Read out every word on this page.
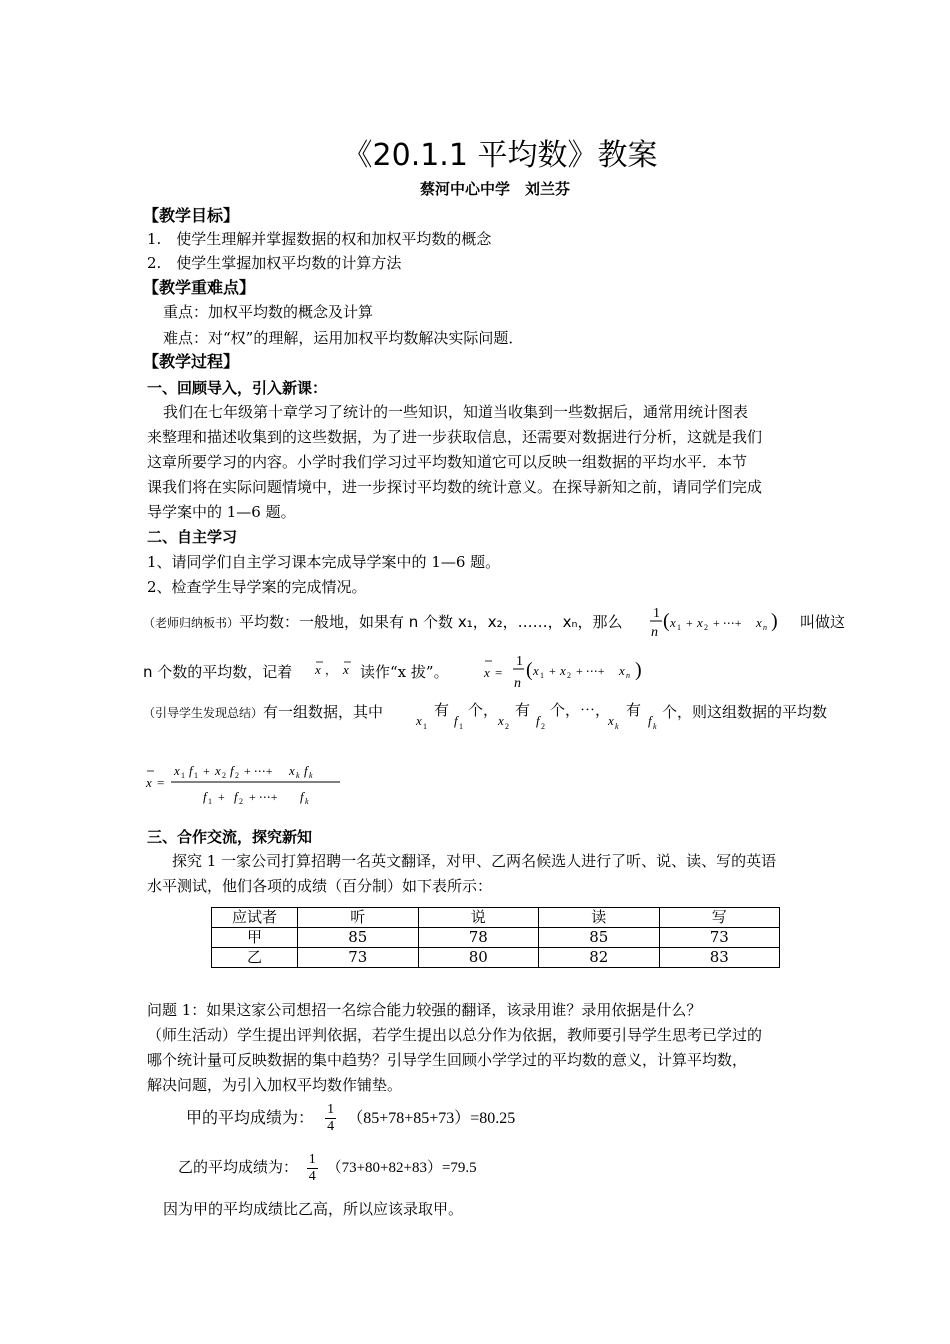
《20.1.1 平均数》教案
蔡河中心中学　刘兰芬
【教学目标】
1.　使学生理解并掌握数据的权和加权平均数的概念
2.　使学生掌握加权平均数的计算方法
【教学重难点】
重点：加权平均数的概念及计算
难点：对“权”的理解，运用加权平均数解决实际问题．
【教学过程】
一、回顾导入，引入新课：
我们在七年级第十章学习了统计的一些知识，知道当收集到一些数据后，通常用统计图表
来整理和描述收集到的这些数据，为了进一步获取信息，还需要对数据进行分析，这就是我们
这章所要学习的内容。小学时我们学习过平均数知道它可以反映一组数据的平均水平．本节
课我们将在实际问题情境中，进一步探讨平均数的统计意义。在探导新知之前，请同学们完成
导学案中的 1—6 题。
二、自主学习
1、请同学们自主学习课本完成导学案中的 1—6 题。
2、检查学生导学案的完成情况。
（老师归纳板书）平均数：一般地，如果有 n 个数 x₁，x₂，……，xₙ，那么 1
n
( x 1 + x 2 + ⋯+ x n ) 叫做这
n 个数的平均数，记着 x ， x 读作“x 拔”。	x =
1
n
( x 1 + x 2 + ⋯+ x n )
（引导学生发现总结）有一组数据，其中	x 1
有
f 1
个，
x 2
有
f 2
个，⋯，
x k
有
f k
个，则这组数据的平均数
x =
x 1 f 1 + x 2 f 2 + ⋯+ x k f k
f 1 + f 2 + ⋯+ f k
三、合作交流，探究新知
探究 1 一家公司打算招聘一名英文翻译，对甲、乙两名候选人进行了听、说、读、写的英语
水平测试，他们各项的成绩（百分制）如下表所示：
应试者	听	说	读	写
甲	85	78	85	73
乙	73	80	82	83
问题 1：如果这家公司想招一名综合能力较强的翻译，该录用谁？录用依据是什么？
（师生活动）学生提出评判依据，若学生提出以总分作为依据，教师要引导学生思考已学过的
哪个统计量可反映数据的集中趋势？引导学生回顾小学学过的平均数的意义，计算平均数，
解决问题，为引入加权平均数作铺垫。
甲的平均成绩为： $\frac{1}{4} (85+78+85+73)=80.25$
乙的平均成绩为： $\frac{1}{4} (73+80+82+83)=79.5$
因为甲的平均成绩比乙高，所以应该录取甲。
